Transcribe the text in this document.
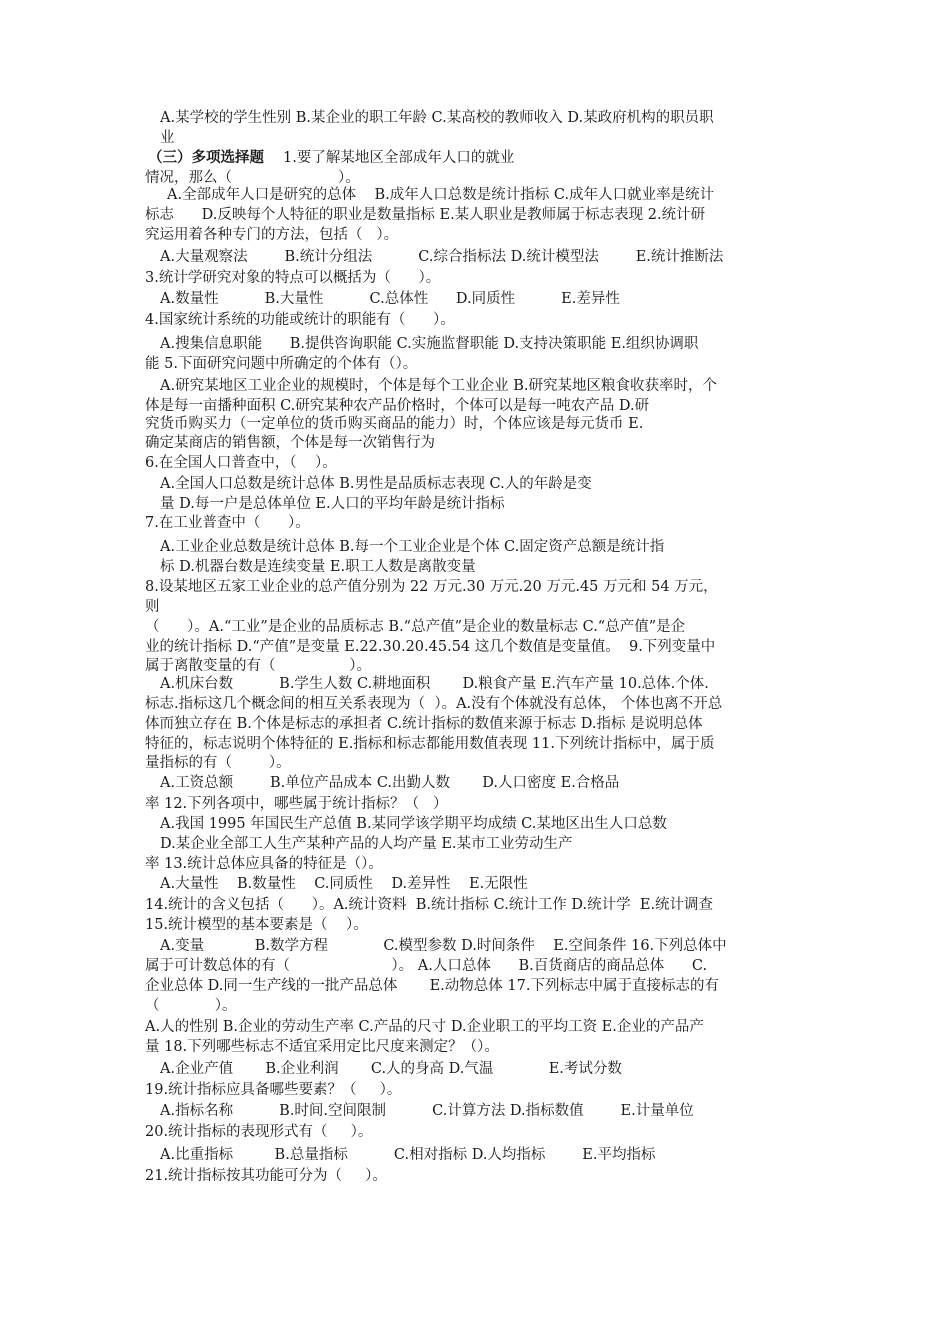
A.某学校的学生性别 B.某企业的职工年龄 C.某高校的教师收入 D.某政府机构的职员职
业
（三）多项选择题 1.要了解某地区全部成年人口的就业
情况，那么（                       ）。
A.全部成年人口是研究的总体    B.成年人口总数是统计指标 C.成年人口就业率是统计
标志      D.反映每个人特征的职业是数量指标 E.某人职业是教师属于标志表现 2.统计研
究运用着各种专门的方法，包括（   ）。
A.大量观察法        B.统计分组法          C.综合指标法 D.统计模型法        E.统计推断法
3.统计学研究对象的特点可以概括为（      ）。
A.数量性          B.大量性          C.总体性      D.同质性          E.差异性
4.国家统计系统的功能或统计的职能有（      ）。
A.搜集信息职能      B.提供咨询职能 C.实施监督职能 D.支持决策职能 E.组织协调职
能 5.下面研究问题中所确定的个体有（）。
A.研究某地区工业企业的规模时，个体是每个工业企业 B.研究某地区粮食收获率时，个
体是每一亩播种面积 C.研究某种农产品价格时，个体可以是每一吨农产品 D.研
究货币购买力（一定单位的货币购买商品的能力）时，个体应该是每元货币 E.
确定某商店的销售额，个体是每一次销售行为
6.在全国人口普查中，（    ）。
A.全国人口总数是统计总体 B.男性是品质标志表现 C.人的年龄是变
量 D.每一户是总体单位 E.人口的平均年龄是统计指标
7.在工业普查中（      ）。
A.工业企业总数是统计总体 B.每一个工业企业是个体 C.固定资产总额是统计指
标 D.机器台数是连续变量 E.职工人数是离散变量
8.设某地区五家工业企业的总产值分别为 22 万元.30 万元.20 万元.45 万元和 54 万元，
则
（      ）。A.“工业”是企业的品质标志 B.“总产值”是企业的数量标志 C.“总产值”是企
业的统计指标 D.“产值”是变量 E.22.30.20.45.54 这几个数值是变量值。  9.下列变量中
属于离散变量的有（                ）。
A.机床台数          B.学生人数 C.耕地面积       D.粮食产量 E.汽车产量 10.总体.个体.
标志.指标这几个概念间的相互关系表现为（  ）。A.没有个体就没有总体， 个体也离不开总
体而独立存在 B.个体是标志的承担者 C.统计指标的数值来源于标志 D.指标 是说明总体
特征的，标志说明个体特征的 E.指标和标志都能用数值表现 11.下列统计指标中，属于质
量指标的有（        ）。
A.工资总额        B.单位产品成本 C.出勤人数       D.人口密度 E.合格品
率 12.下列各项中，哪些属于统计指标？（   ）
A.我国 1995 年国民生产总值 B.某同学该学期平均成绩 C.某地区出生人口总数
D.某企业全部工人生产某种产品的人均产量 E.某市工业劳动生产
率 13.统计总体应具备的特征是（）。
A.大量性    B.数量性    C.同质性    D.差异性    E.无限性
14.统计的含义包括（      ）。A.统计资料  B.统计指标 C.统计工作 D.统计学  E.统计调查
15.统计模型的基本要素是（    ）。
A.变量           B.数学方程            C.模型参数 D.时间条件    E.空间条件 16.下列总体中
属于可计数总体的有（                      ）。 A.人口总体      B.百货商店的商品总体      C.
企业总体 D.同一生产线的一批产品总体       E.动物总体 17.下列标志中属于直接标志的有
（            ）。
A.人的性别 B.企业的劳动生产率 C.产品的尺寸 D.企业职工的平均工资 E.企业的产品产
量 18.下列哪些标志不适宜采用定比尺度来测定？（）。
A.企业产值       B.企业利润       C.人的身高 D.气温            E.考试分数
19.统计指标应具备哪些要素？（     ）。
A.指标名称          B.时间.空间限制          C.计算方法 D.指标数值        E.计量单位
20.统计指标的表现形式有（     ）。
A.比重指标         B.总量指标          C.相对指标 D.人均指标        E.平均指标
21.统计指标按其功能可分为（     ）。
